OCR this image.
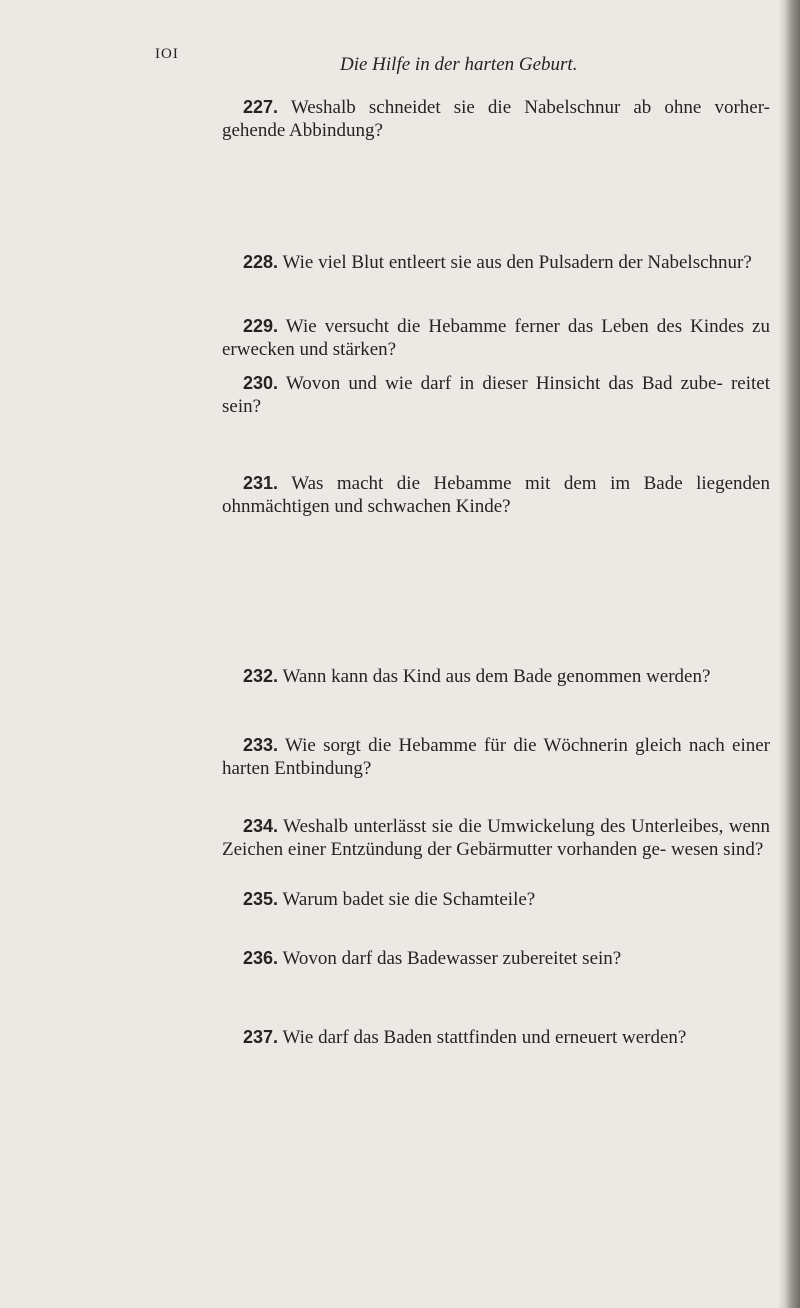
IOI	Die Hilfe in der harten Geburt.

227. Weshalb schneidet sie die Nabelschnur ab ohne vorher- gehende Abbindung?

228. Wie viel Blut entleert sie aus den Pulsadern der Nabelschnur?

229. Wie versucht die Hebamme ferner das Leben des Kindes zu erwecken und stärken?

230. Wovon und wie darf in dieser Hinsicht das Bad zube- reitet sein?

231. Was macht die Hebamme mit dem im Bade liegenden ohnmächtigen und schwachen Kinde?

232. Wann kann das Kind aus dem Bade genommen werden?

233. Wie sorgt die Hebamme für die Wöchnerin gleich nach einer harten Entbindung?

234. Weshalb unterlässt sie die Umwickelung des Unterleibes, wenn Zeichen einer Entzündung der Gebärmutter vorhanden ge- wesen sind?

235. Warum badet sie die Schamteile?

236. Wovon darf das Badewasser zubereitet sein?

237. Wie darf das Baden stattfinden und erneuert werden?
